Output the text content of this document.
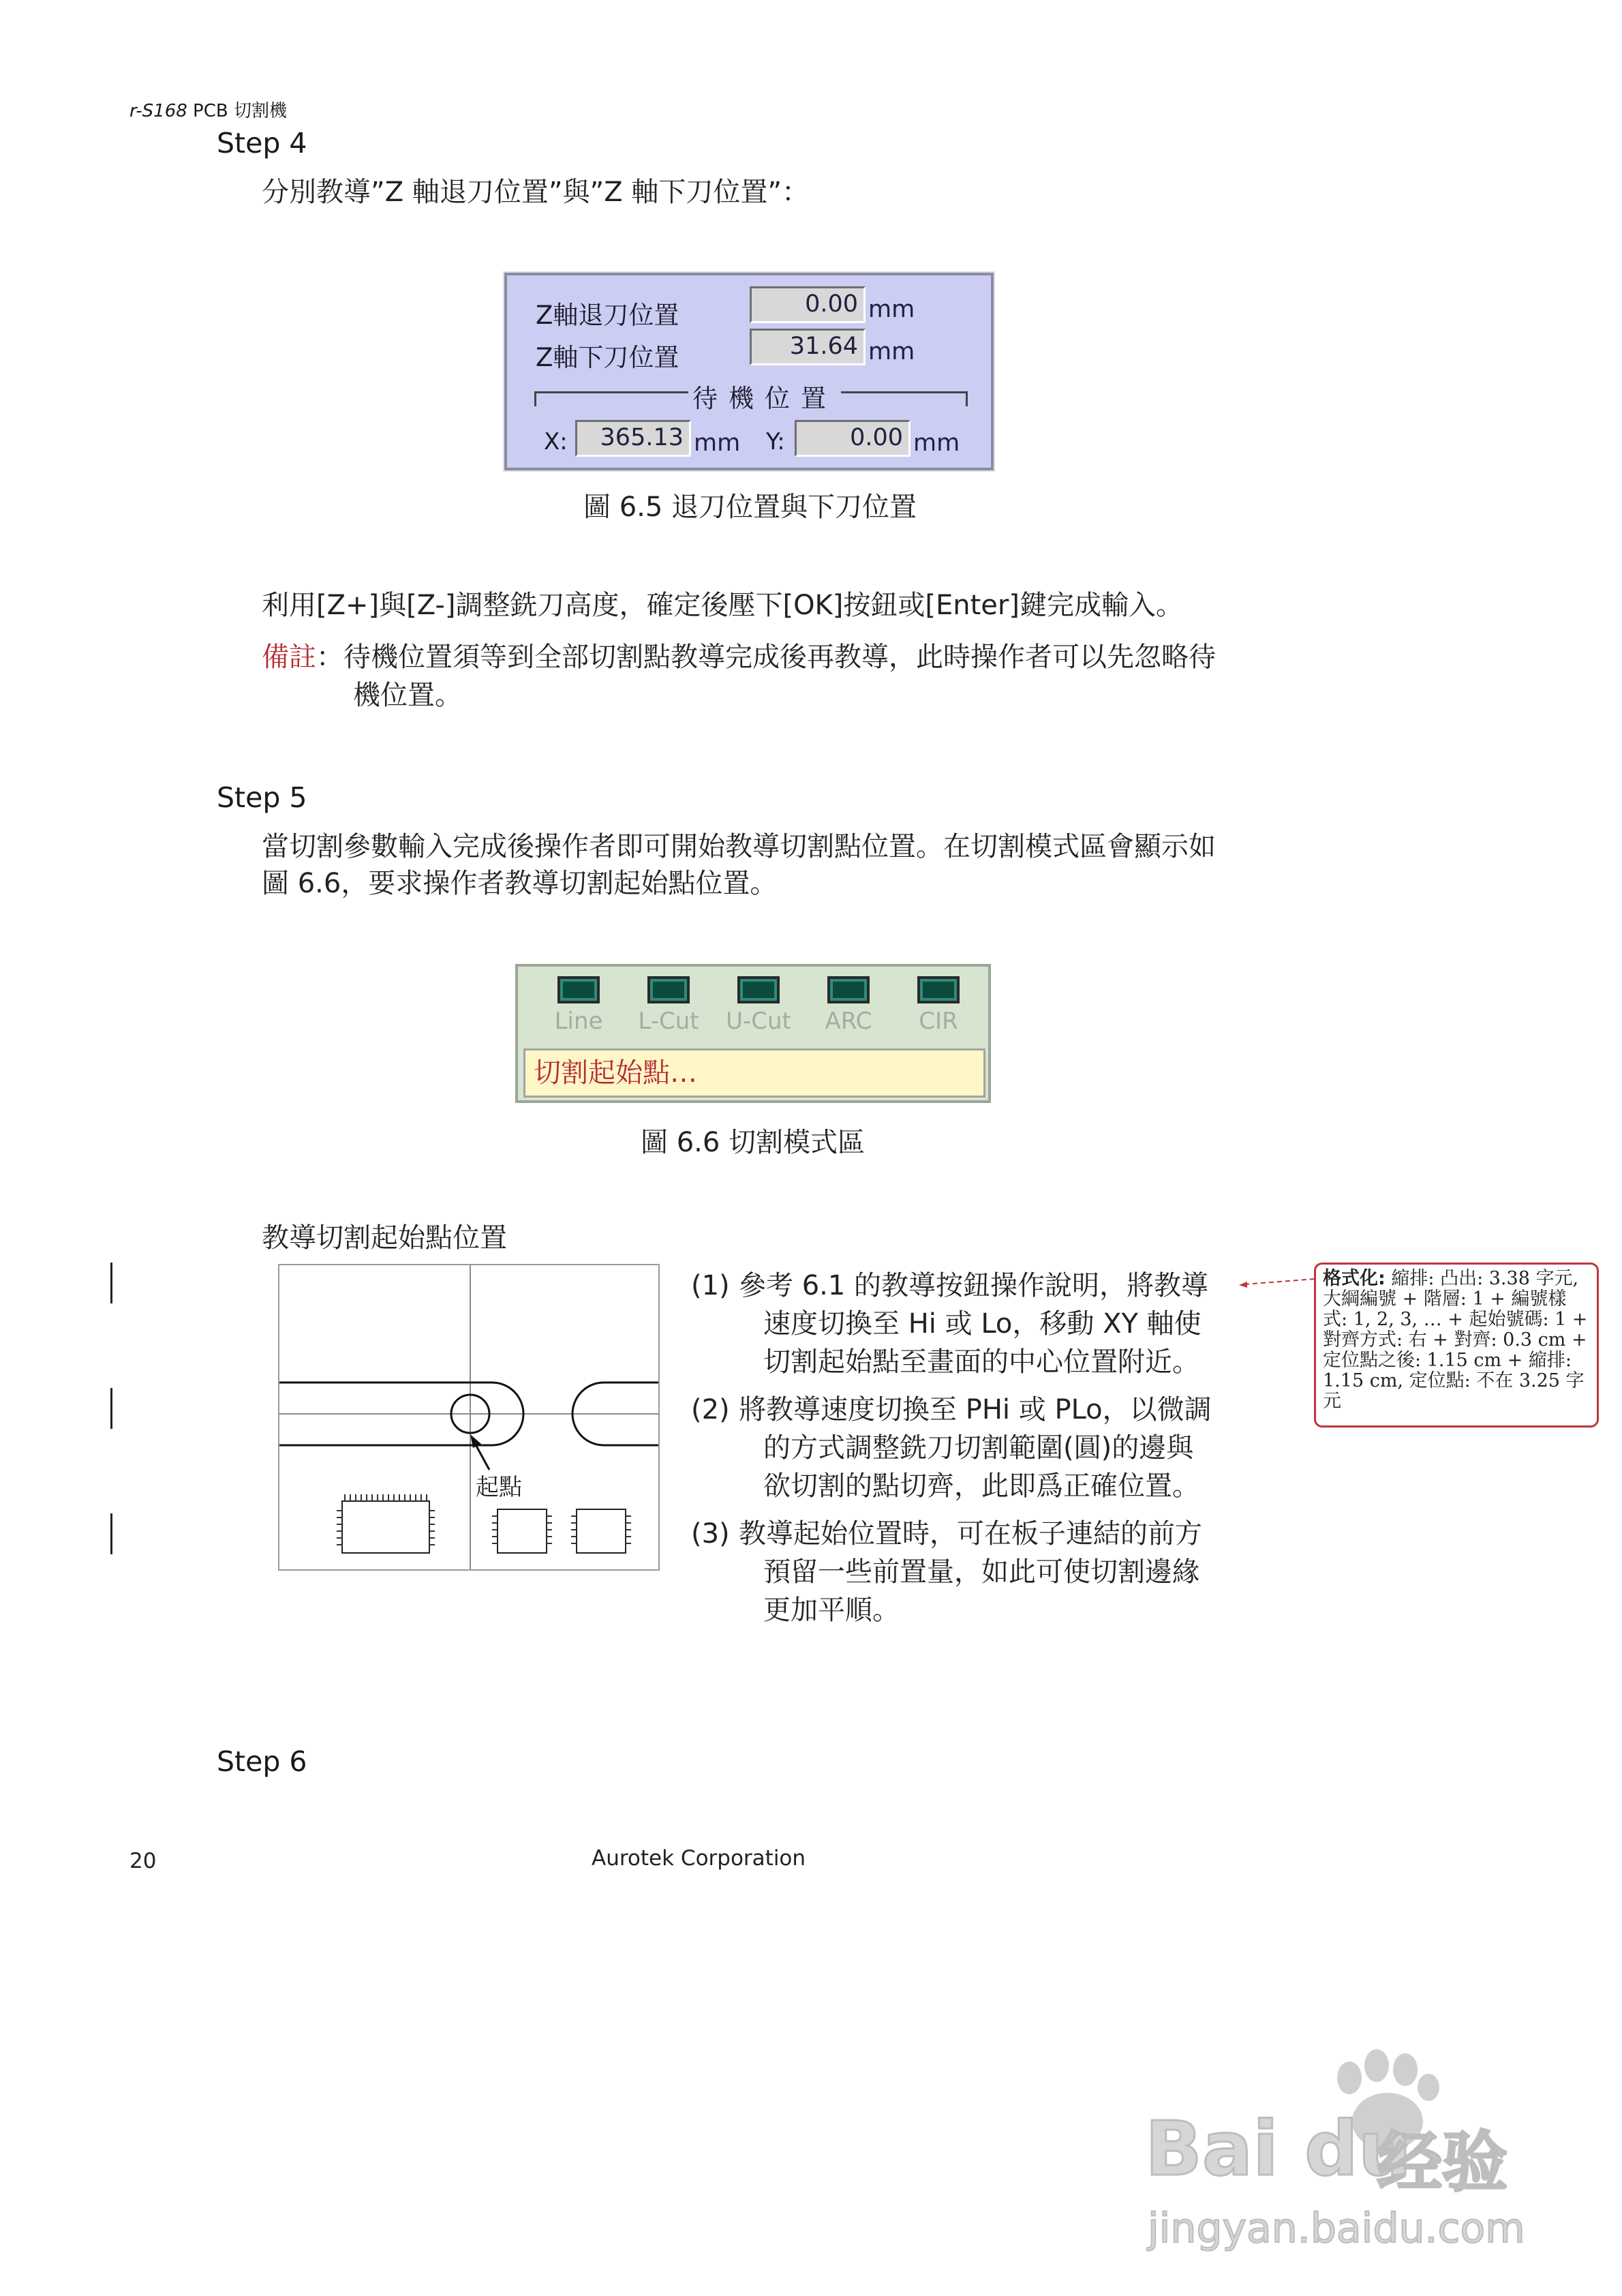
r-S168 PCB 切割機
Step 4
分別教導”Z 軸退刀位置”與”Z 軸下刀位置”：
Z軸退刀位置	0.00 mm
Z軸下刀位置	31.64 mm
待機位置
X:	365.13 mm Y:	0.00 mm
圖 6.5 退刀位置與下刀位置
利用[Z+]與[Z-]調整銑刀高度，確定後壓下[OK]按鈕或[Enter]鍵完成輸入。
備註：待機位置須等到全部切割點教導完成後再教導，此時操作者可以先忽略待
機位置。
Step 5
當切割參數輸入完成後操作者即可開始教導切割點位置。在切割模式區會顯示如
圖 6.6，要求操作者教導切割起始點位置。
Line	L-Cut	U-Cut	ARC	CIR
切割起始點…
圖 6.6 切割模式區
教導切割起始點位置
起點
(1) 參考 6.1 的教導按鈕操作說明，將教導
速度切換至 Hi 或 Lo，移動 XY 軸使
切割起始點至畫面的中心位置附近。
(2) 將教導速度切換至 PHi 或 PLo，以微調
的方式調整銑刀切割範圍(圓)的邊與
欲切割的點切齊，此即爲正確位置。
(3) 教導起始位置時，可在板子連結的前方
預留一些前置量，如此可使切割邊緣
更加平順。
格式化: 縮排: 凸出: 3.38 字元, 大綱編號 + 階層: 1 + 編號樣式: 1, 2, 3, … + 起始號碼: 1 + 對齊方式: 右 + 對齊: 0.3 cm + 定位點之後: 1.15 cm + 縮排: 1.15 cm, 定位點: 不在 3.25 字元
Step 6
20	Aurotek Corporation
Bai du
经验
jingyan.baidu.com
